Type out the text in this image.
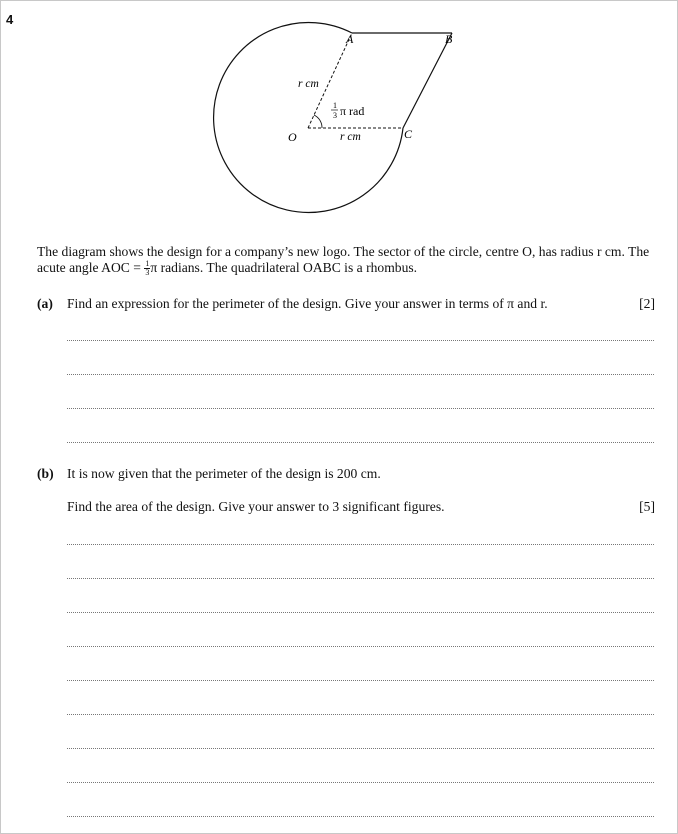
4
A	B
C
O
r cm
r cm
1
3 π rad
The diagram shows the design for a company’s new logo. The sector of the circle, centre O, has radius r cm. The acute angle AOC = $\frac{1}{3}$ π radians. The quadrilateral OABC is a rhombus.
(a) Find an expression for the perimeter of the design. Give your answer in terms of π and r.	[2]
(b) It is now given that the perimeter of the design is 200 cm.
Find the area of the design. Give your answer to 3 significant figures.	[5]
